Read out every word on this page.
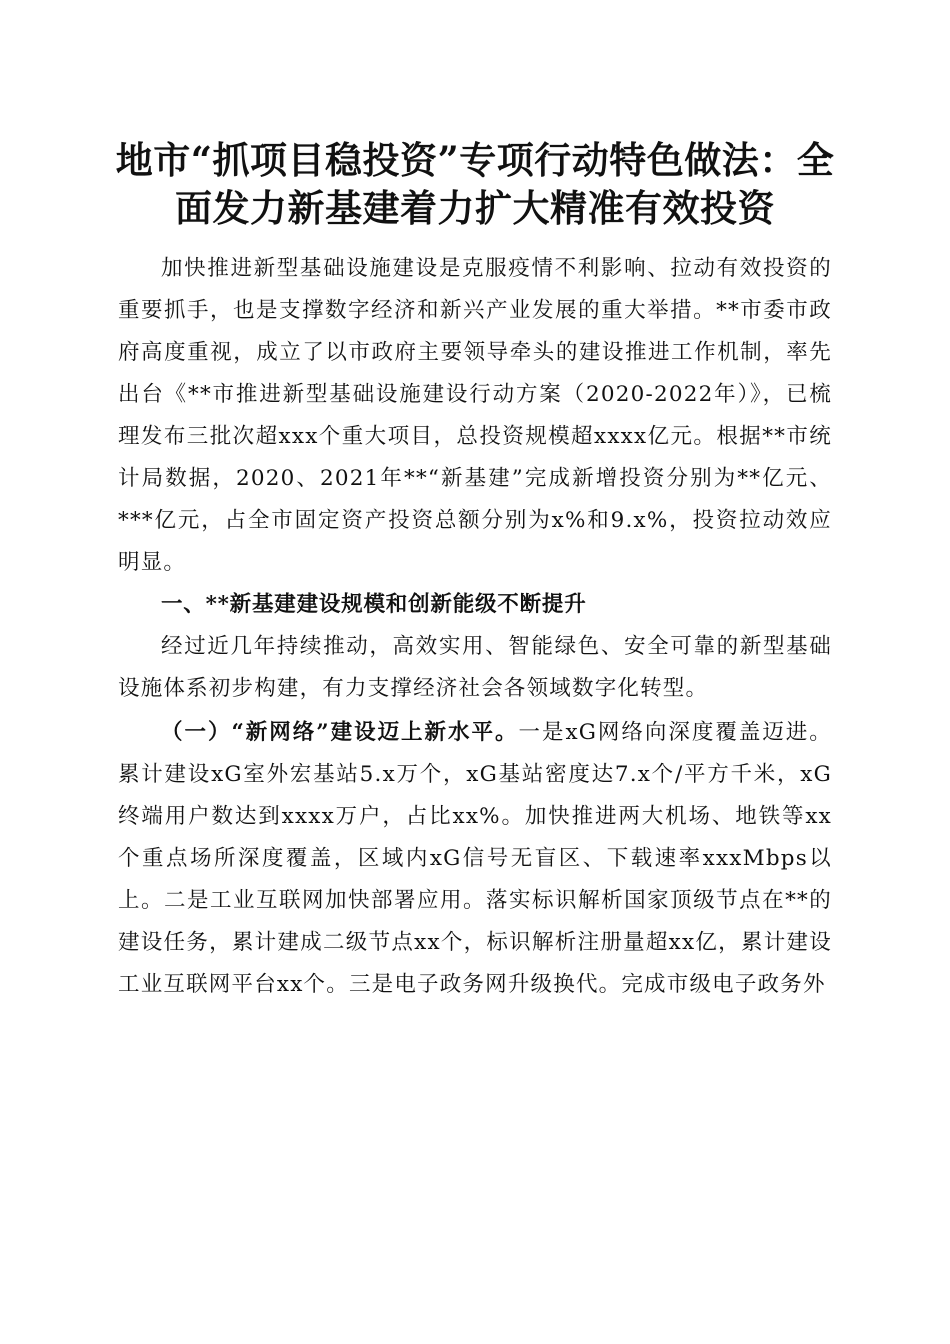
地市“抓项目稳投资”专项行动特色做法：全
面发力新基建着力扩大精准有效投资

加快推进新型基础设施建设是克服疫情不利影响、拉动有效投资的重要抓手，也是支撑数字经济和新兴产业发展的重大举措。**市委市政府高度重视，成立了以市政府主要领导牵头的建设推进工作机制，率先出台《**市推进新型基础设施建设行动方案（2020-2022年）》，已梳理发布三批次超xxx个重大项目，总投资规模超xxxx亿元。根据**市统计局数据，2020、2021年**“新基建”完成新增投资分别为**亿元、***亿元，占全市固定资产投资总额分别为x%和9.x%，投资拉动效应明显。

一、**新基建建设规模和创新能级不断提升

经过近几年持续推动，高效实用、智能绿色、安全可靠的新型基础设施体系初步构建，有力支撑经济社会各领域数字化转型。

（一）“新网络”建设迈上新水平。一是xG网络向深度覆盖迈进。累计建设xG室外宏基站5.x万个，xG基站密度达7.x个/平方千米，xG终端用户数达到xxxx万户，占比xx%。加快推进两大机场、地铁等xx个重点场所深度覆盖，区域内xG信号无盲区、下载速率xxxMbps以上。二是工业互联网加快部署应用。落实标识解析国家顶级节点在**的建设任务，累计建成二级节点xx个，标识解析注册量超xx亿，累计建设工业互联网平台xx个。三是电子政务网升级换代。完成市级电子政务外
